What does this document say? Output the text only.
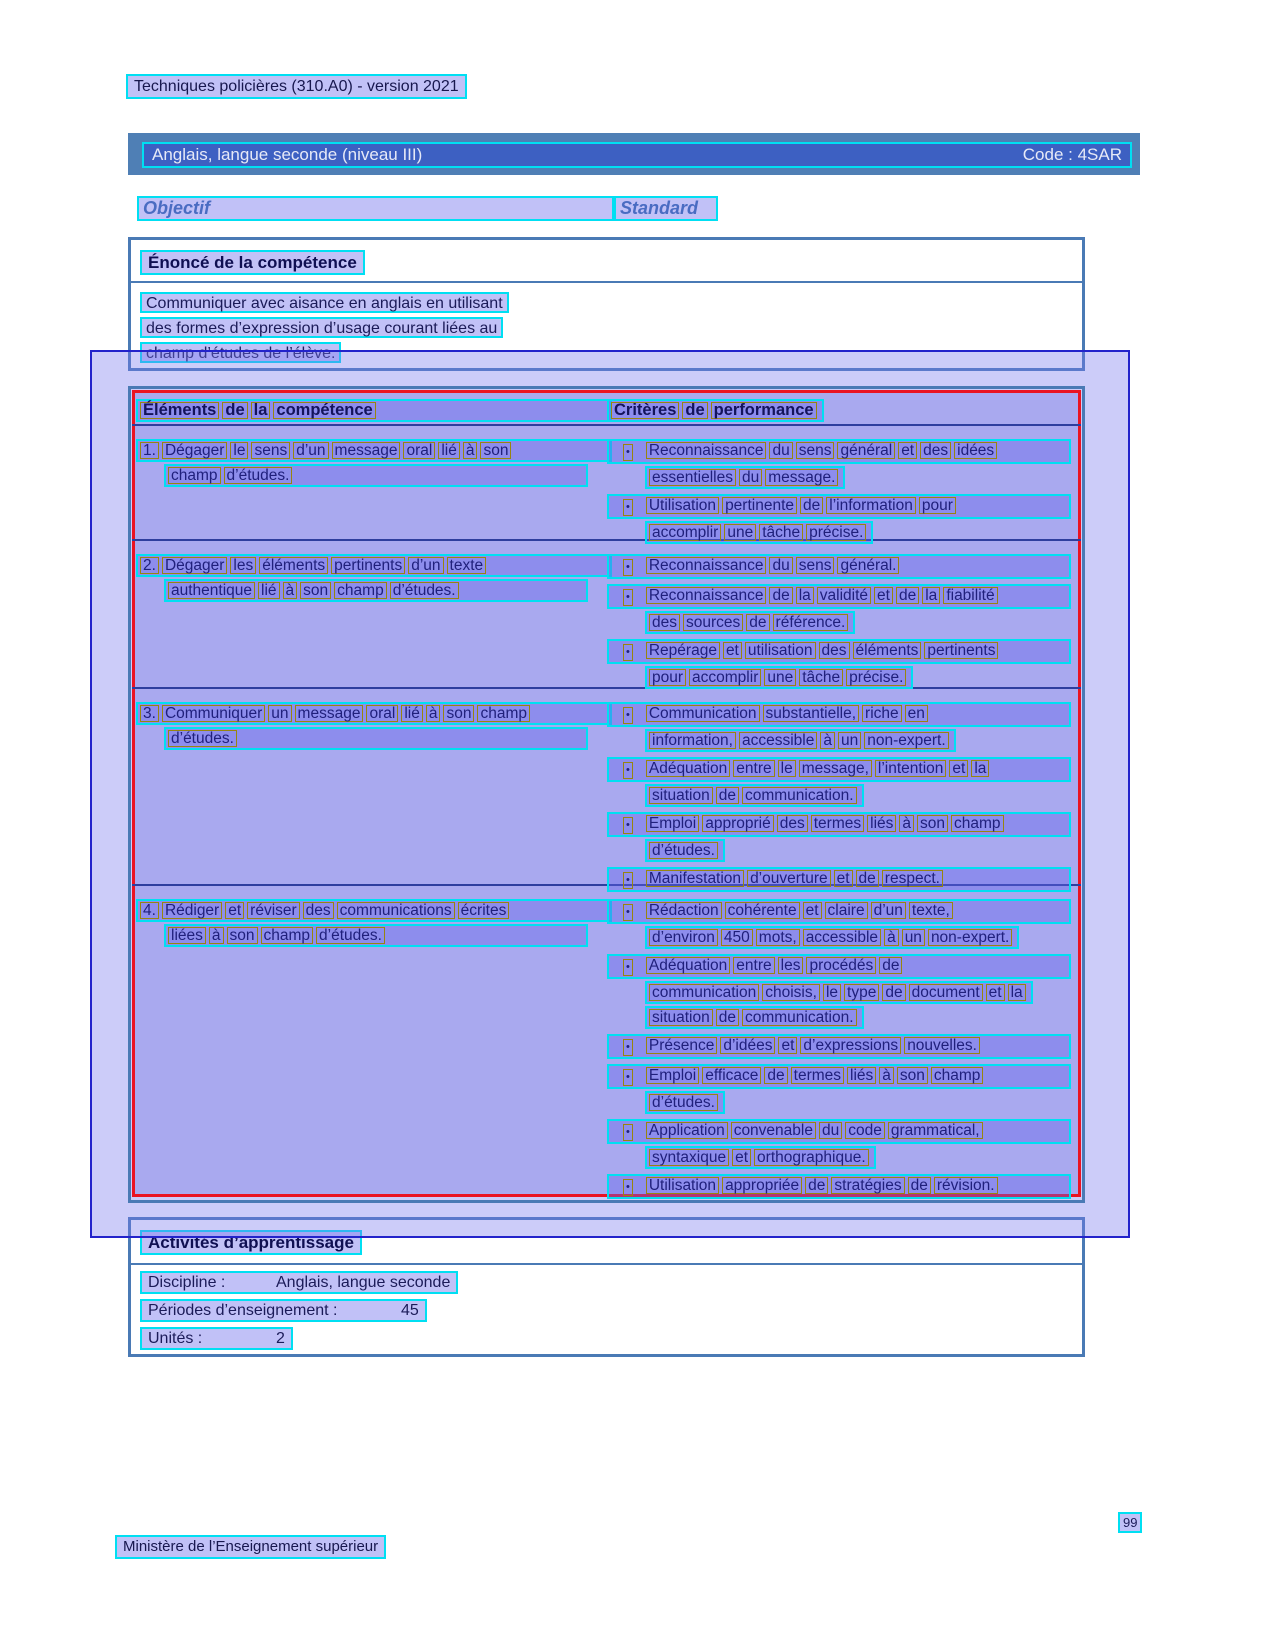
Techniques policières (310.A0) - version 2021
Anglais, langue seconde (niveau III)	Code : 4SAR
Objectif	Standard
Énoncé de la compétence
Communiquer avec aisance en anglais en utilisant
des formes d’expression d’usage courant liées au
champ d’études de l’élève.
Éléments de la compétence	Critères de performance
1. Dégager le sens d’un message oral lié à son
champ d’études.
• Reconnaissance du sens général et des idées
essentielles du message.
• Utilisation pertinente de l’information pour
accomplir une tâche précise.
2. Dégager les éléments pertinents d’un texte
authentique lié à son champ d’études.
• Reconnaissance du sens général.
• Reconnaissance de la validité et de la fiabilité
des sources de référence.
• Repérage et utilisation des éléments pertinents
pour accomplir une tâche précise.
3. Communiquer un message oral lié à son champ
d’études.
• Communication substantielle, riche en
information, accessible à un non-expert.
• Adéquation entre le message, l’intention et la
situation de communication.
• Emploi approprié des termes liés à son champ
d’études.
• Manifestation d’ouverture et de respect.
4. Rédiger et réviser des communications écrites
liées à son champ d’études.
• Rédaction cohérente et claire d’un texte,
d’environ 450 mots, accessible à un non-expert.
• Adéquation entre les procédés de
communication choisis, le type de document et la
situation de communication.
• Présence d’idées et d’expressions nouvelles.
• Emploi efficace de termes liés à son champ
d’études.
• Application convenable du code grammatical,
syntaxique et orthographique.
• Utilisation appropriée de stratégies de révision.
Activités d’apprentissage
Discipline :	Anglais, langue seconde
Périodes d’enseignement :	45
Unités :	2
99
Ministère de l’Enseignement supérieur
